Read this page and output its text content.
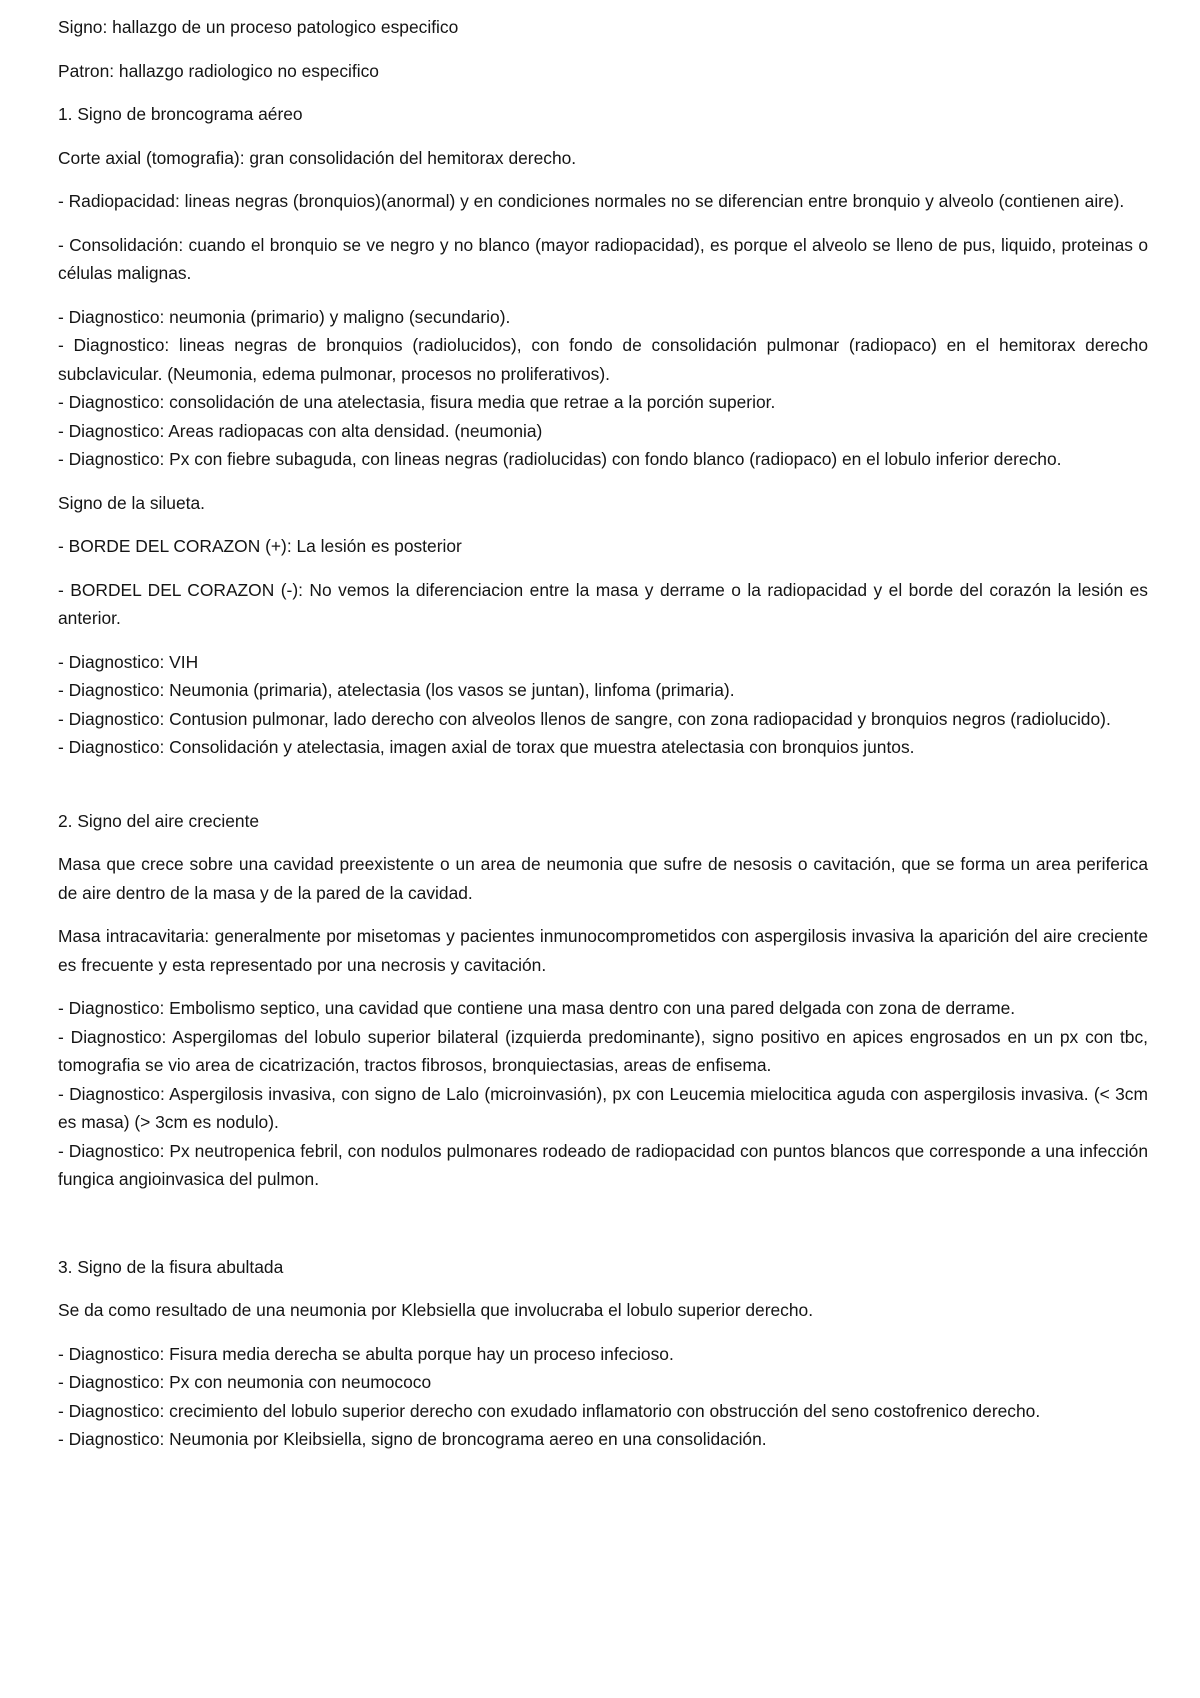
Signo: hallazgo de un proceso patologico especifico

Patron: hallazgo radiologico no especifico

1. Signo de broncograma aéreo

Corte axial (tomografia): gran consolidación del hemitorax derecho.

- Radiopacidad: lineas negras (bronquios)(anormal) y en condiciones normales no se diferencian entre bronquio y alveolo (contienen aire).

- Consolidación: cuando el bronquio se ve negro y no blanco (mayor radiopacidad), es porque el alveolo se lleno de pus, liquido, proteinas o células malignas.

- Diagnostico: neumonia (primario) y maligno (secundario).

- Diagnostico: lineas negras de bronquios (radiolucidos), con fondo de consolidación pulmonar (radiopaco) en el hemitorax derecho subclavicular. (Neumonia, edema pulmonar, procesos no proliferativos).

- Diagnostico: consolidación de una atelectasia, fisura media que retrae a la porción superior.

- Diagnostico: Areas radiopacas con alta densidad. (neumonia)

- Diagnostico: Px con fiebre subaguda, con lineas negras (radiolucidas) con fondo blanco (radiopaco) en el lobulo inferior derecho.

Signo de la silueta.

- BORDE DEL CORAZON (+): La lesión es posterior

- BORDEL DEL CORAZON (-): No vemos la diferenciacion entre la masa y derrame o la radiopacidad y el borde del corazón la lesión es anterior.

- Diagnostico: VIH

- Diagnostico: Neumonia (primaria), atelectasia (los vasos se juntan), linfoma (primaria).

- Diagnostico: Contusion pulmonar, lado derecho con alveolos llenos de sangre, con zona radiopacidad y bronquios negros (radiolucido).

- Diagnostico: Consolidación y atelectasia, imagen axial de torax que muestra atelectasia con bronquios juntos.

2. Signo del aire creciente

Masa que crece sobre una cavidad preexistente o un area de neumonia que sufre de nesosis o cavitación, que se forma un area periferica de aire dentro de la masa y de la pared de la cavidad.

Masa intracavitaria: generalmente por misetomas y pacientes inmunocomprometidos con aspergilosis invasiva la aparición del aire creciente es frecuente y esta representado por una necrosis y cavitación.

- Diagnostico: Embolismo septico, una cavidad que contiene una masa dentro con una pared delgada con zona de derrame.

- Diagnostico: Aspergilomas del lobulo superior bilateral (izquierda predominante), signo positivo en apices engrosados en un px con tbc, tomografia se vio area de cicatrización, tractos fibrosos, bronquiectasias, areas de enfisema.

- Diagnostico: Aspergilosis invasiva, con signo de Lalo (microinvasión), px con Leucemia mielocitica aguda con aspergilosis invasiva. (< 3cm es masa) (> 3cm es nodulo).

- Diagnostico: Px neutropenica febril, con nodulos pulmonares rodeado de radiopacidad con puntos blancos que corresponde a una infección fungica angioinvasica del pulmon.

3. Signo de la fisura abultada

Se da como resultado de una neumonia por Klebsiella que involucraba el lobulo superior derecho.

- Diagnostico: Fisura media derecha se abulta porque hay un proceso infecioso.

- Diagnostico: Px con neumonia con neumococo

- Diagnostico: crecimiento del lobulo superior derecho con exudado inflamatorio con obstrucción del seno costofrenico derecho.

- Diagnostico: Neumonia por Kleibsiella, signo de broncograma aereo en una consolidación.
